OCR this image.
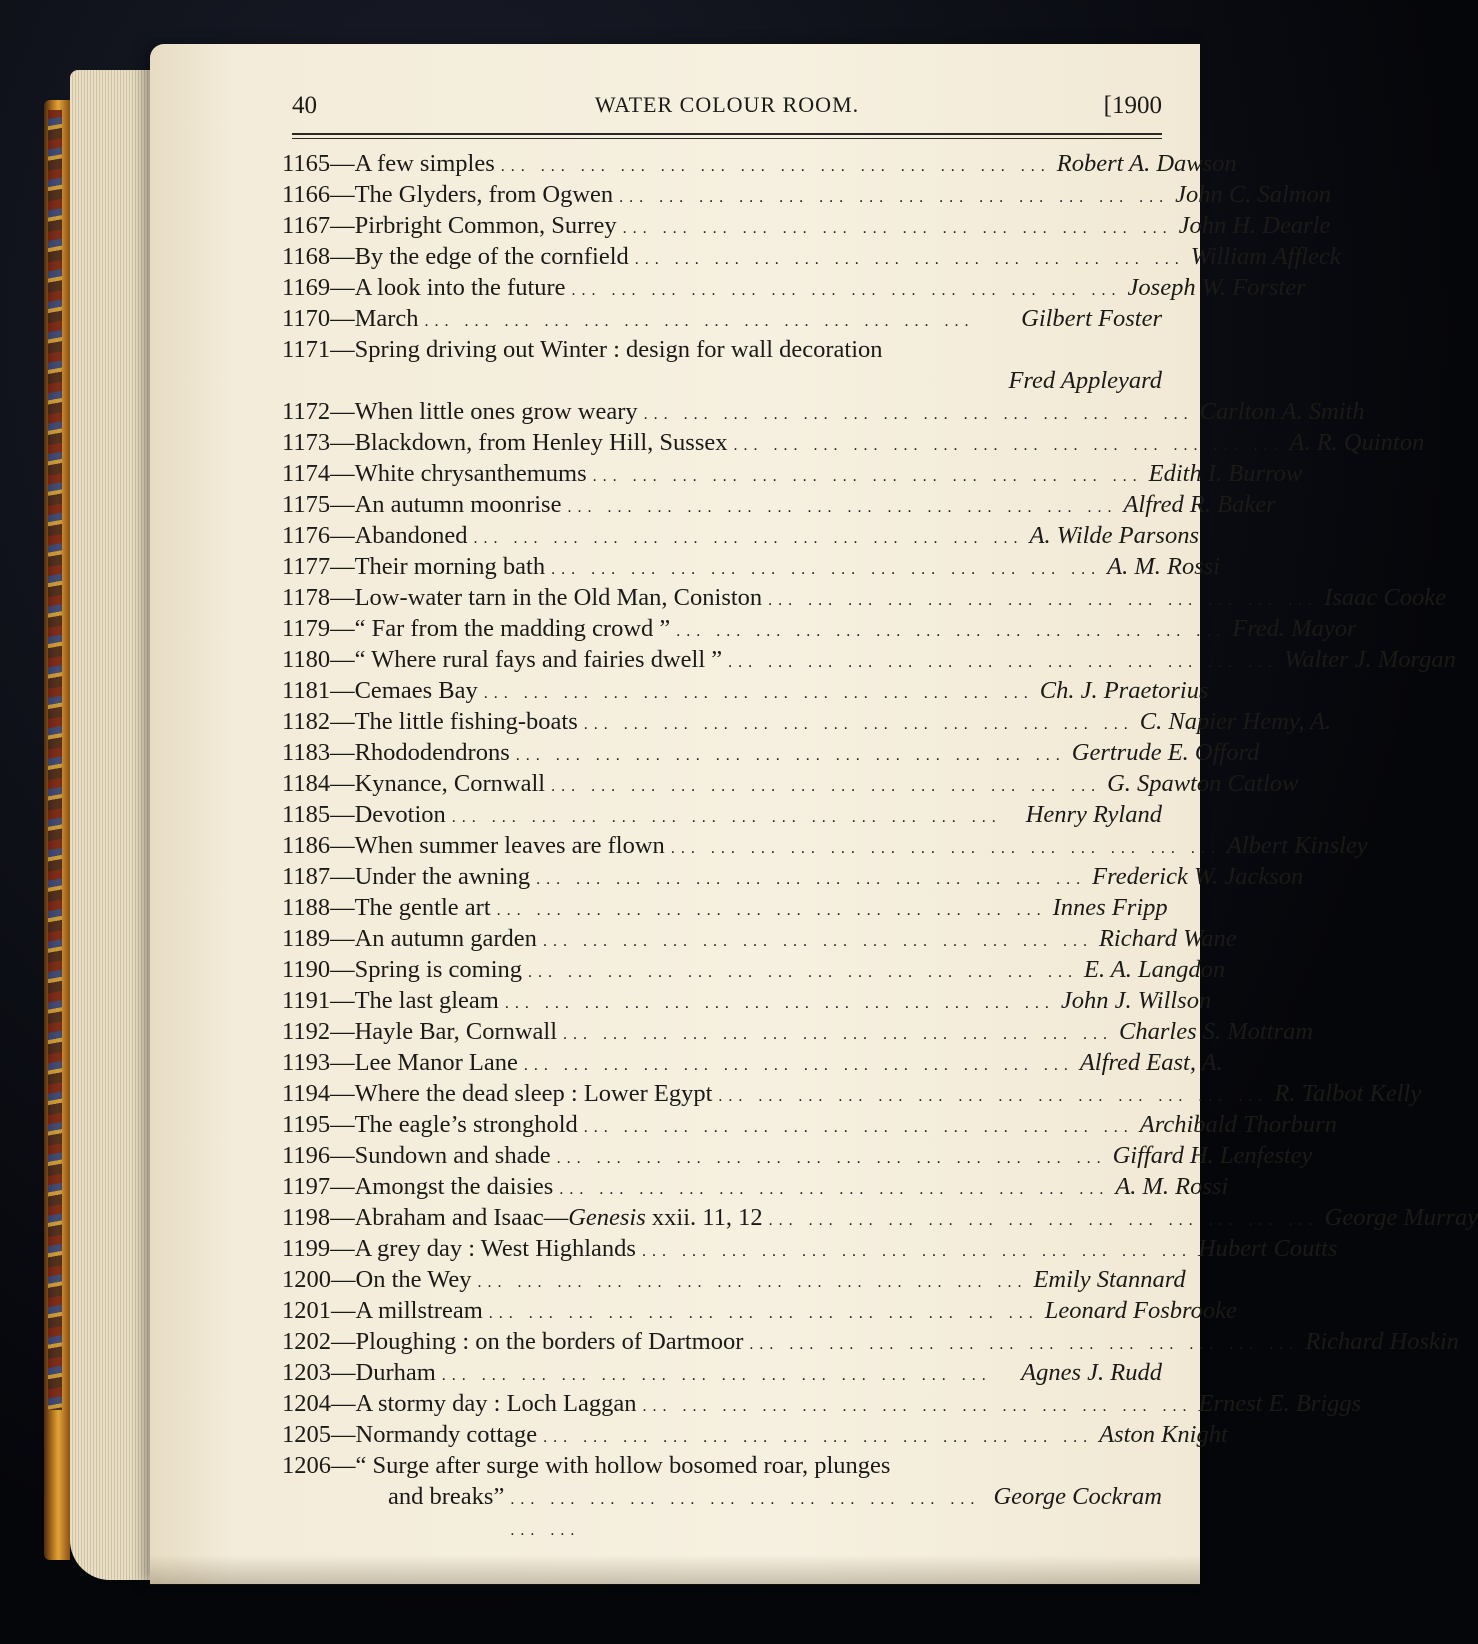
40	WATER COLOUR ROOM.	[1900
1165— A few simples ... ... ... ... ... ... ... ... ... ... ... ... ... ... Robert A. Dawson
1166— The Glyders, from Ogwen ... ... ... ... ... ... ... ... ... ... ... ... ... ... John C. Salmon
1167— Pirbright Common, Surrey ... ... ... ... ... ... ... ... ... ... ... ... ... ... John H. Dearle
1168— By the edge of the cornfield ... ... ... ... ... ... ... ... ... ... ... ... ... ... William Affleck
1169— A look into the future ... ... ... ... ... ... ... ... ... ... ... ... ... ... Joseph W. Forster
1170— March ... ... ... ... ... ... ... ... ... ... ... ... ... ...	Gilbert Foster
1171— Spring driving out Winter : design for wall decoration
Fred Appleyard
1172— When little ones grow weary ... ... ... ... ... ... ... ... ... ... ... ... ... ... Carlton A. Smith
1173— Blackdown, from Henley Hill, Sussex ... ... ... ... ... ... ... ... ... ... ... ... ... ... A. R. Quinton
1174— White chrysanthemums ... ... ... ... ... ... ... ... ... ... ... ... ... ... Edith I. Burrow
1175— An autumn moonrise ... ... ... ... ... ... ... ... ... ... ... ... ... ... Alfred R. Baker
1176— Abandoned ... ... ... ... ... ... ... ... ... ... ... ... ... ... A. Wilde Parsons
1177— Their morning bath ... ... ... ... ... ... ... ... ... ... ... ... ... ... A. M. Rossi
1178— Low-water tarn in the Old Man, Coniston ... ... ... ... ... ... ... ... ... ... ... ... ... ... Isaac Cooke
1179— “ Far from the madding crowd ” ... ... ... ... ... ... ... ... ... ... ... ... ... ... Fred. Mayor
1180— “ Where rural fays and fairies dwell ” ... ... ... ... ... ... ... ... ... ... ... ... ... ... Walter J. Morgan
1181— Cemaes Bay ... ... ... ... ... ... ... ... ... ... ... ... ... ... Ch. J. Praetorius
1182— The little fishing-boats ... ... ... ... ... ... ... ... ... ... ... ... ... ... C. Napier Hemy, A.
1183— Rhododendrons ... ... ... ... ... ... ... ... ... ... ... ... ... ... Gertrude E. Offord
1184— Kynance, Cornwall ... ... ... ... ... ... ... ... ... ... ... ... ... ... G. Spawton Catlow
1185— Devotion ... ... ... ... ... ... ... ... ... ... ... ... ... ... Henry Ryland
1186— When summer leaves are flown ... ... ... ... ... ... ... ... ... ... ... ... ... ... Albert Kinsley
1187— Under the awning ... ... ... ... ... ... ... ... ... ... ... ... ... ... Frederick W. Jackson
1188— The gentle art ... ... ... ... ... ... ... ... ... ... ... ... ... ... Innes Fripp
1189— An autumn garden ... ... ... ... ... ... ... ... ... ... ... ... ... ... Richard Wane
1190— Spring is coming ... ... ... ... ... ... ... ... ... ... ... ... ... ... E. A. Langdon
1191— The last gleam ... ... ... ... ... ... ... ... ... ... ... ... ... ... John J. Willson
1192— Hayle Bar, Cornwall ... ... ... ... ... ... ... ... ... ... ... ... ... ... Charles S. Mottram
1193— Lee Manor Lane ... ... ... ... ... ... ... ... ... ... ... ... ... ... Alfred East, A.
1194— Where the dead sleep : Lower Egypt ... ... ... ... ... ... ... ... ... ... ... ... ... ... R. Talbot Kelly
1195— The eagle’s stronghold ... ... ... ... ... ... ... ... ... ... ... ... ... ... Archibald Thorburn
1196— Sundown and shade ... ... ... ... ... ... ... ... ... ... ... ... ... ... Giffard H. Lenfestey
1197— Amongst the daisies ... ... ... ... ... ... ... ... ... ... ... ... ... ... A. M. Rossi
1198— Abraham and Isaac—Genesis xxii. 11, 12 ... ... ... ... ... ... ... ... ... ... ... ... ... ... George Murray
1199— A grey day : West Highlands ... ... ... ... ... ... ... ... ... ... ... ... ... ... Hubert Coutts
1200— On the Wey ... ... ... ... ... ... ... ... ... ... ... ... ... ... Emily Stannard
1201— A millstream ... ... ... ... ... ... ... ... ... ... ... ... ... ... Leonard Fosbrooke
1202— Ploughing : on the borders of Dartmoor ... ... ... ... ... ... ... ... ... ... ... ... ... ... Richard Hoskin
1203— Durham ... ... ... ... ... ... ... ... ... ... ... ... ... ...	Agnes J. Rudd
1204— A stormy day : Loch Laggan ... ... ... ... ... ... ... ... ... ... ... ... ... ... Ernest E. Briggs
1205— Normandy cottage ... ... ... ... ... ... ... ... ... ... ... ... ... ... Aston Knight
1206— “ Surge after surge with hollow bosomed roar, plunges
and breaks” ... ... ... ... ... ... ... ... ... ... ... ... ... ...
George Cockram
